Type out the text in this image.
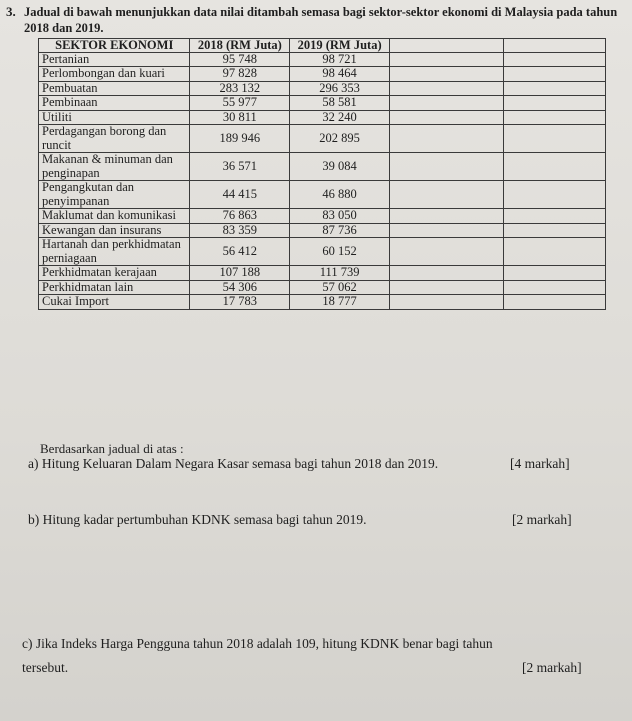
3. Jadual di bawah menunjukkan data nilai ditambah semasa bagi sektor-sektor ekonomi di Malaysia pada tahun 2018 dan 2019.
SEKTOR EKONOMI	2018 (RM Juta)	2019 (RM Juta)		
Pertanian	95 748	98 721		
Perlombongan dan kuari	97 828	98 464		
Pembuatan	283 132	296 353		
Pembinaan	55 977	58 581		
Utiliti	30 811	32 240		
Perdagangan borong dan runcit	189 946	202 895		
Makanan & minuman dan penginapan	36 571	39 084		
Pengangkutan dan penyimpanan	44 415	46 880		
Maklumat dan komunikasi	76 863	83 050		
Kewangan dan insurans	83 359	87 736		
Hartanah dan perkhidmatan perniagaan	56 412	60 152		
Perkhidmatan kerajaan	107 188	111 739		
Perkhidmatan lain	54 306	57 062		
Cukai Import	17 783	18 777		
Berdasarkan jadual di atas :
a) Hitung Keluaran Dalam Negara Kasar semasa bagi tahun 2018 dan 2019.	[4 markah]
b) Hitung kadar pertumbuhan KDNK semasa bagi tahun 2019.	[2 markah]
c) Jika Indeks Harga Pengguna tahun 2018 adalah 109, hitung KDNK benar bagi tahun
tersebut.	[2 markah]
